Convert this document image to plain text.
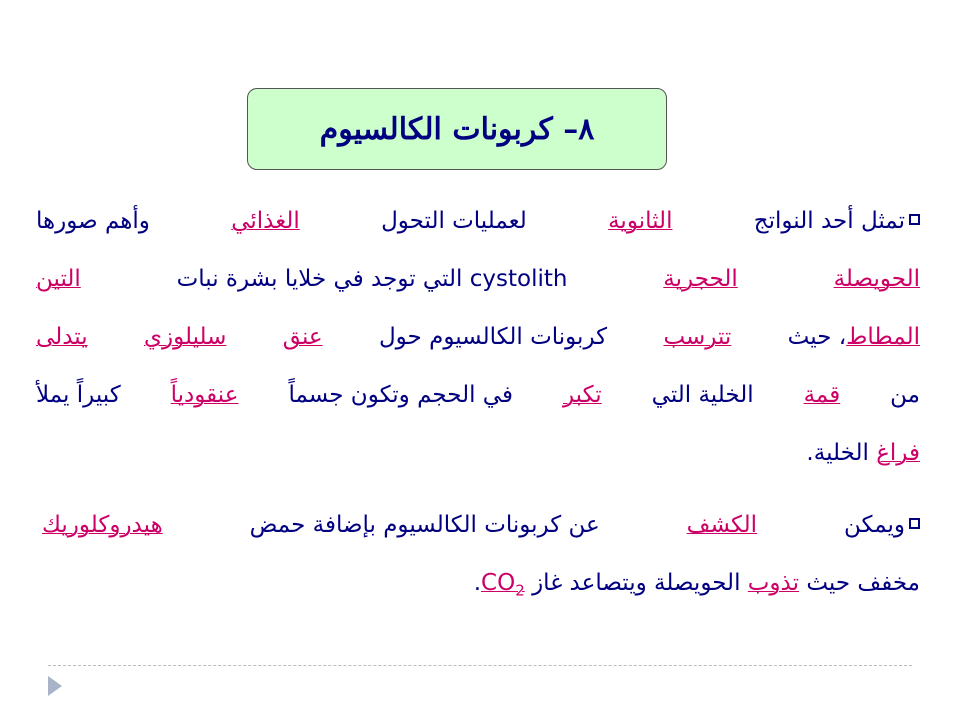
٨– كربونات الكالسيوم
تمثل أحد النواتج
الثانوية
لعمليات التحول
الغذائي
وأهم صورها
الحويصلة
الحجرية
cystolith التي توجد في خلايا بشرة نبات
التين
المطاط، حيث
تترسب
كربونات الكالسيوم حول
عنق
سليلوزي
يتدلى
من
قمة
الخلية التي
تكبر
في الحجم وتكون جسماً
عنقودياً
كبيراً يملأ
فراغ

الخلية.
ويمكن
الكشف
عن كربونات الكالسيوم بإضافة حمض
هيدروكلوريك
مخفف حيث

تذوب

الحويصلة ويتصاعد غاز

$CO_2$
.
